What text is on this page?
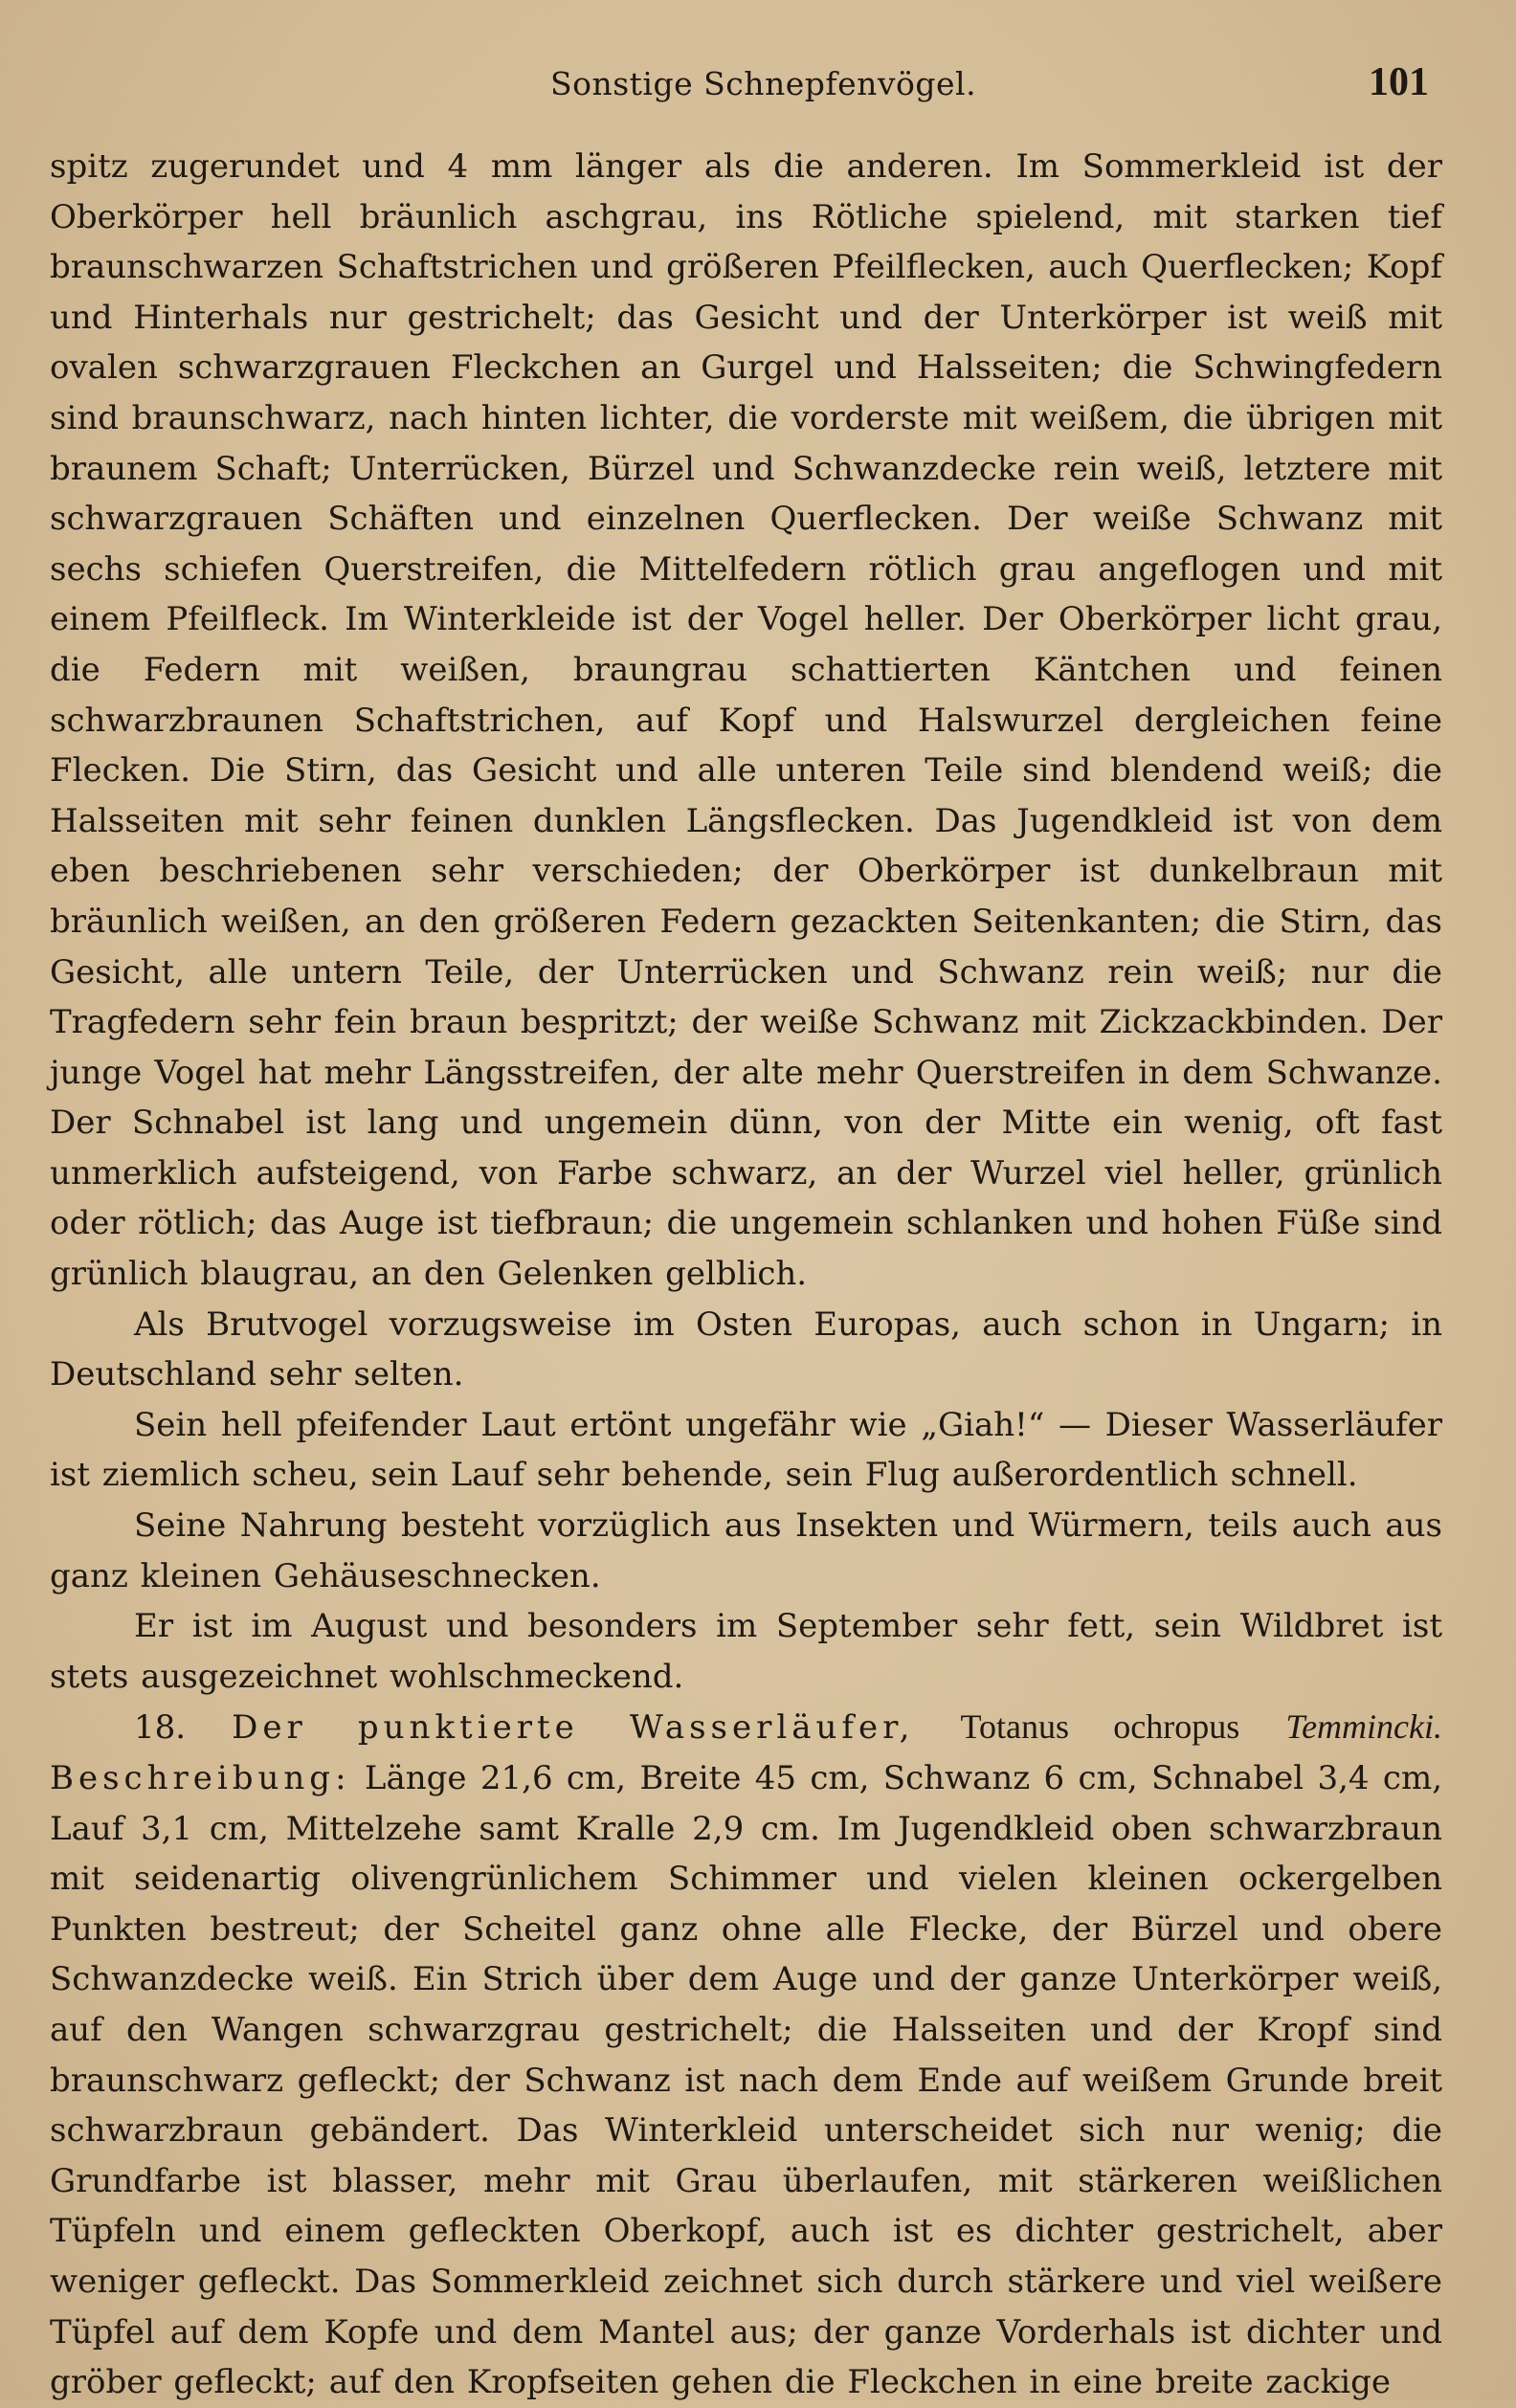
Sonstige Schnepfenvögel.	101

spitz zugerundet und 4 mm länger als die anderen. Im Sommerkleid ist der Oberkörper hell bräunlich aschgrau, ins Rötliche spielend, mit starken tief braunschwarzen Schaftstrichen und größeren Pfeilflecken, auch Querflecken; Kopf und Hinterhals nur gestrichelt; das Gesicht und der Unterkörper ist weiß mit ovalen schwarzgrauen Fleckchen an Gurgel und Halsseiten; die Schwingfedern sind braunschwarz, nach hinten lichter, die vorderste mit weißem, die übrigen mit braunem Schaft; Unterrücken, Bürzel und Schwanzdecke rein weiß, letztere mit schwarzgrauen Schäften und einzelnen Querflecken. Der weiße Schwanz mit sechs schiefen Querstreifen, die Mittelfedern rötlich grau angeflogen und mit einem Pfeilfleck. Im Winterkleide ist der Vogel heller. Der Oberkörper licht grau, die Federn mit weißen, braungrau schattierten Käntchen und feinen schwarzbraunen Schaftstrichen, auf Kopf und Halswurzel dergleichen feine Flecken. Die Stirn, das Gesicht und alle unteren Teile sind blendend weiß; die Halsseiten mit sehr feinen dunklen Längsflecken. Das Jugendkleid ist von dem eben beschriebenen sehr verschieden; der Oberkörper ist dunkelbraun mit bräunlich weißen, an den größeren Federn gezackten Seitenkanten; die Stirn, das Gesicht, alle untern Teile, der Unterrücken und Schwanz rein weiß; nur die Tragfedern sehr fein braun bespritzt; der weiße Schwanz mit Zickzackbinden. Der junge Vogel hat mehr Längsstreifen, der alte mehr Querstreifen in dem Schwanze. Der Schnabel ist lang und ungemein dünn, von der Mitte ein wenig, oft fast unmerklich aufsteigend, von Farbe schwarz, an der Wurzel viel heller, grünlich oder rötlich; das Auge ist tiefbraun; die ungemein schlanken und hohen Füße sind grünlich blaugrau, an den Gelenken gelblich.

Als Brutvogel vorzugsweise im Osten Europas, auch schon in Ungarn; in Deutschland sehr selten.

Sein hell pfeifender Laut ertönt ungefähr wie „Giah!“ — Dieser Wasserläufer ist ziemlich scheu, sein Lauf sehr behende, sein Flug außerordentlich schnell.

Seine Nahrung besteht vorzüglich aus Insekten und Würmern, teils auch aus ganz kleinen Gehäuseschnecken.

Er ist im August und besonders im September sehr fett, sein Wildbret ist stets ausgezeichnet wohlschmeckend.

18. Der punktierte Wasserläufer, Totanus ochropus Temmincki. Beschreibung: Länge 21,6 cm, Breite 45 cm, Schwanz 6 cm, Schnabel 3,4 cm, Lauf 3,1 cm, Mittelzehe samt Kralle 2,9 cm. Im Jugendkleid oben schwarzbraun mit seidenartig olivengrünlichem Schimmer und vielen kleinen ockergelben Punkten bestreut; der Scheitel ganz ohne alle Flecke, der Bürzel und obere Schwanzdecke weiß. Ein Strich über dem Auge und der ganze Unterkörper weiß, auf den Wangen schwarzgrau gestrichelt; die Halsseiten und der Kropf sind braunschwarz gefleckt; der Schwanz ist nach dem Ende auf weißem Grunde breit schwarzbraun gebändert. Das Winterkleid unterscheidet sich nur wenig; die Grundfarbe ist blasser, mehr mit Grau überlaufen, mit stärkeren weißlichen Tüpfeln und einem gefleckten Oberkopf, auch ist es dichter gestrichelt, aber weniger gefleckt. Das Sommerkleid zeichnet sich durch stärkere und viel weißere Tüpfel auf dem Kopfe und dem Mantel aus; der ganze Vorderhals ist dichter und gröber gefleckt; auf den Kropfseiten gehen die Fleckchen in eine breite zackige
